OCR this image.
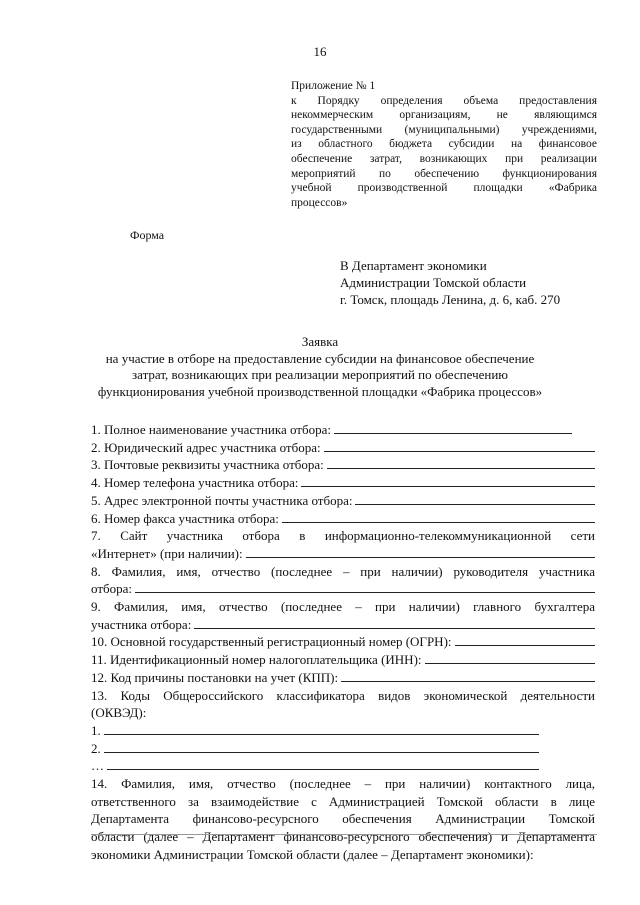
16
Приложение № 1
к Порядку определения объема предоставления
некоммерческим организациям, не являющимся
государственными (муниципальными) учреждениями,
из областного бюджета субсидии на финансовое
обеспечение затрат, возникающих при реализации
мероприятий по обеспечению функционирования
учебной производственной площадки «Фабрика
процессов»
Форма
В Департамент экономики
Администрации Томской области
г. Томск, площадь Ленина, д. 6, каб. 270
Заявка
на участие в отборе на предоставление субсидии на финансовое обеспечение
затрат, возникающих при реализации мероприятий по обеспечению
функционирования учебной производственной площадки «Фабрика процессов»
1. Полное наименование участника отбора:
2. Юридический адрес участника отбора:
3. Почтовые реквизиты участника отбора:
4. Номер телефона участника отбора:
5. Адрес электронной почты участника отбора:
6. Номер факса участника отбора:
7. Сайт участника отбора в информационно-телекоммуникационной сети
«Интернет» (при наличии):
8. Фамилия, имя, отчество (последнее – при наличии) руководителя участника
отбора:
9. Фамилия, имя, отчество (последнее – при наличии) главного бухгалтера
участника отбора:
10. Основной государственный регистрационный номер (ОГРН):
11. Идентификационный номер налогоплательщика (ИНН):
12. Код причины постановки на учет (КПП):
13. Коды Общероссийского классификатора видов экономической деятельности
(ОКВЭД):
1.
2.
…
14. Фамилия, имя, отчество (последнее – при наличии) контактного лица,
ответственного за взаимодействие с Администрацией Томской области в лице
Департамента финансово-ресурсного обеспечения Администрации Томской
области (далее – Департамент финансово-ресурсного обеспечения) и Департамента
экономики Администрации Томской области (далее – Департамент экономики):
